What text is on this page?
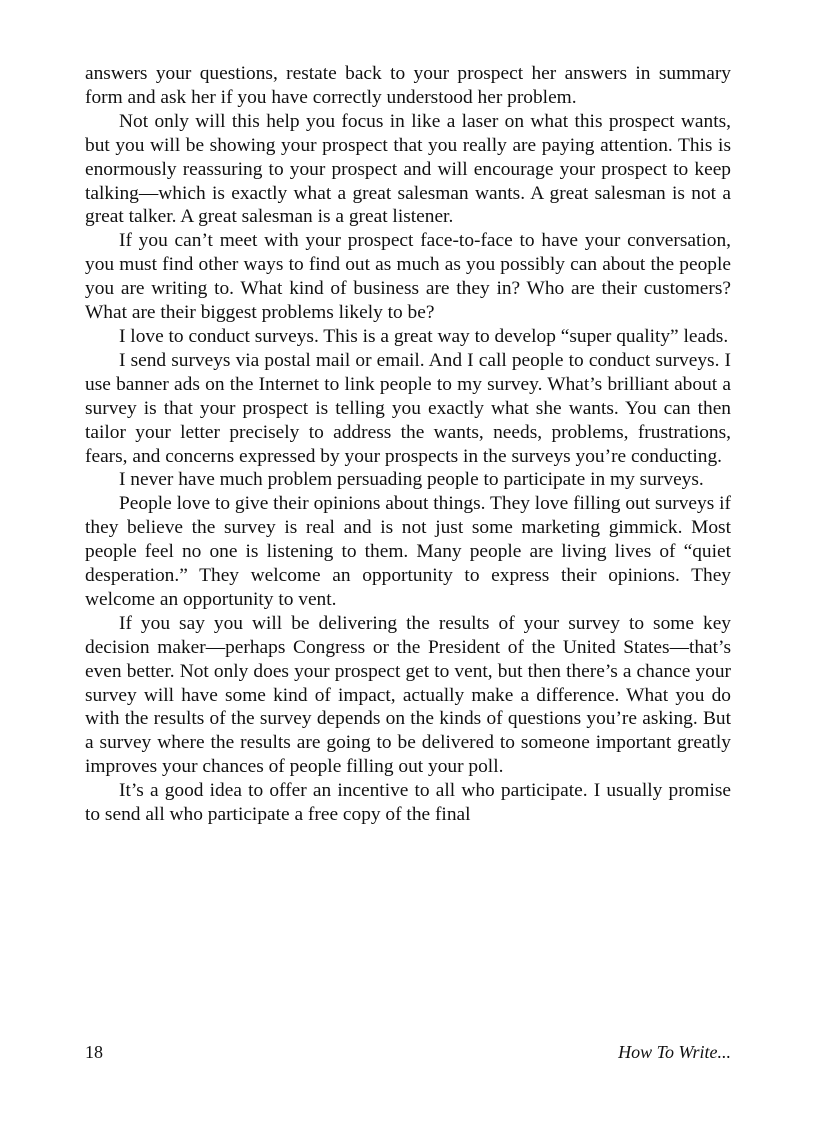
answers your questions, restate back to your prospect her answers in summary form and ask her if you have correctly understood her problem.

Not only will this help you focus in like a laser on what this prospect wants, but you will be showing your prospect that you really are paying attention. This is enormously reassuring to your prospect and will encourage your prospect to keep talking—which is exactly what a great salesman wants. A great salesman is not a great talker. A great salesman is a great listener.

If you can’t meet with your prospect face-to-face to have your conversation, you must find other ways to find out as much as you possibly can about the people you are writing to. What kind of business are they in? Who are their customers? What are their biggest problems likely to be?

I love to conduct surveys. This is a great way to develop “super quality” leads.

I send surveys via postal mail or email. And I call people to conduct surveys. I use banner ads on the Internet to link people to my survey. What’s brilliant about a survey is that your prospect is telling you exactly what she wants. You can then tailor your letter precisely to address the wants, needs, problems, frustrations, fears, and concerns expressed by your prospects in the surveys you’re conducting.

I never have much problem persuading people to participate in my surveys.

People love to give their opinions about things. They love filling out surveys if they believe the survey is real and is not just some marketing gimmick. Most people feel no one is listening to them. Many people are living lives of “quiet desperation.” They welcome an opportunity to express their opinions. They welcome an opportunity to vent.

If you say you will be delivering the results of your survey to some key decision maker—perhaps Congress or the President of the United States—that’s even better. Not only does your prospect get to vent, but then there’s a chance your survey will have some kind of impact, actually make a difference. What you do with the results of the survey depends on the kinds of questions you’re asking. But a survey where the results are going to be delivered to someone important greatly improves your chances of people filling out your poll.

It’s a good idea to offer an incentive to all who participate. I usually promise to send all who participate a free copy of the final

18	How To Write...
